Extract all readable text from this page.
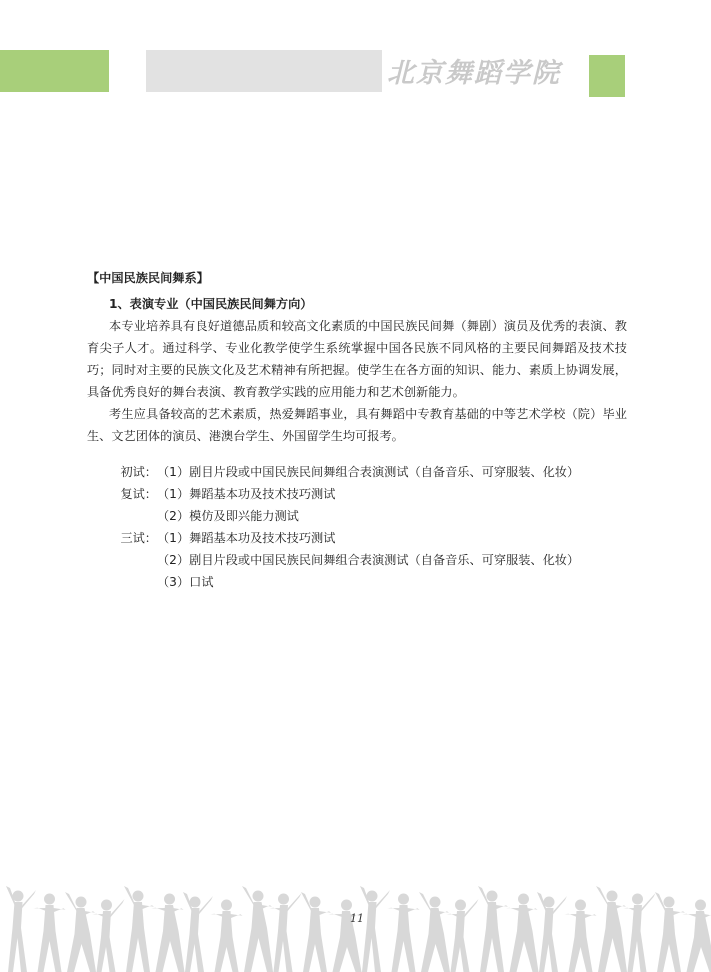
北京舞蹈学院
【中国民族民间舞系】
1、表演专业（中国民族民间舞方向）

本专业培养具有良好道德品质和较高文化素质的中国民族民间舞（舞剧）演员及优秀的表演、教育尖子人才。通过科学、专业化教学使学生系统掌握中国各民族不同风格的主要民间舞蹈及技术技巧；同时对主要的民族文化及艺术精神有所把握。使学生在各方面的知识、能力、素质上协调发展，具备优秀良好的舞台表演、教育教学实践的应用能力和艺术创新能力。

考生应具备较高的艺术素质，热爱舞蹈事业，具有舞蹈中专教育基础的中等艺术学校（院）毕业生、文艺团体的演员、港澳台学生、外国留学生均可报考。

初试： （1）剧目片段或中国民族民间舞组合表演测试（自备音乐、可穿服装、化妆）
复试： （1）舞蹈基本功及技术技巧测试
（2）模仿及即兴能力测试
三试： （1）舞蹈基本功及技术技巧测试
（2）剧目片段或中国民族民间舞组合表演测试（自备音乐、可穿服装、化妆）
（3）口试
11
